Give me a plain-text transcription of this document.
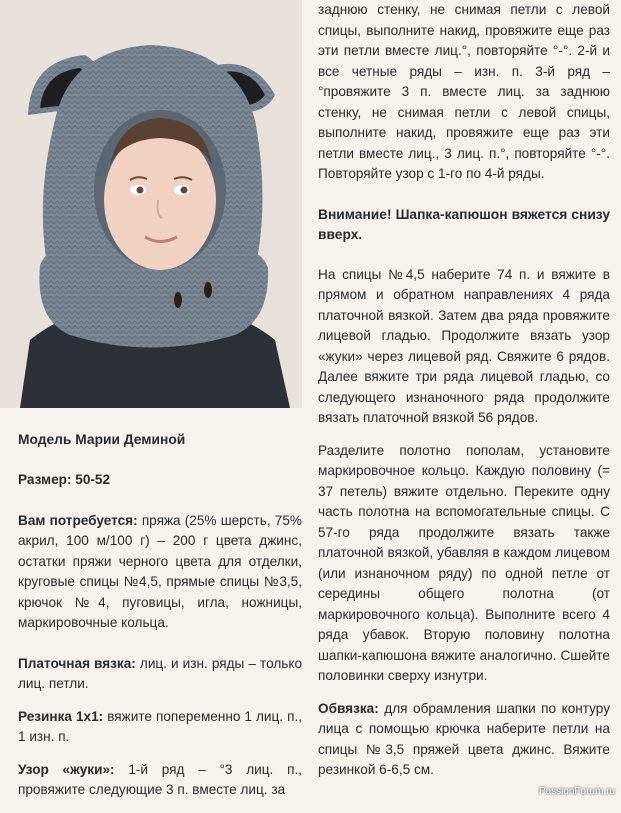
Модель Марии Деминой

Размер: 50-52

Вам потребуется: пряжа (25% шерсть, 75% акрил, 100 м/100 г) – 200 г цвета джинс, остатки пряжи черного цвета для отделки, круговые спицы №4,5, прямые спицы №3,5, крючок №4, пуговицы, игла, ножницы, маркировочные кольца.

Платочная вязка: лиц. и изн. ряды – только лиц. петли.

Резинка 1х1: вяжите попеременно 1 лиц. п., 1 изн. п.

Узор «жуки»: 1-й ряд – °3 лиц. п., провяжите следующие 3 п. вместе лиц. за

заднюю стенку, не снимая петли с левой спицы, выполните накид, провяжите еще раз эти петли вместе лиц.°, повторяйте °-°. 2-й и все четные ряды – изн. п. 3-й ряд – °провяжите 3 п. вместе лиц. за заднюю стенку, не снимая петли с левой спицы, выполните накид, провяжите еще раз эти петли вместе лиц., 3 лиц. п.°, повторяйте °-°. Повторяйте узор с 1-го по 4-й ряды.

Внимание! Шапка-капюшон вяжется снизу вверх.

На спицы №4,5 наберите 74 п. и вяжите в прямом и обратном направлениях 4 ряда платочной вязкой. Затем два ряда провяжите лицевой гладью. Продолжите вязать узор «жуки» через лицевой ряд. Свяжите 6 рядов. Далее вяжите три ряда лицевой гладью, со следующего изнаночного ряда продолжите вязать платочной вязкой 56 рядов.

Разделите полотно пополам, установите маркировочное кольцо. Каждую половину (= 37 петель) вяжите отдельно. Переките одну часть полотна на вспомогательные спицы. С 57-го ряда продолжите вязать также платочной вязкой, убавляя в каждом лицевом (или изнаночном ряду) по одной петле от середины общего полотна (от маркировочного кольца). Выполните всего 4 ряда убавок. Вторую половину полотна шапки-капюшона вяжите аналогично. Сшейте половинки сверху изнутри.

Обвязка: для обрамления шапки по контуру лица с помощью крючка наберите петли на спицы №3,5 пряжей цвета джинс. Вяжите резинкой 6-6,5 см.

PassionForum.ru
